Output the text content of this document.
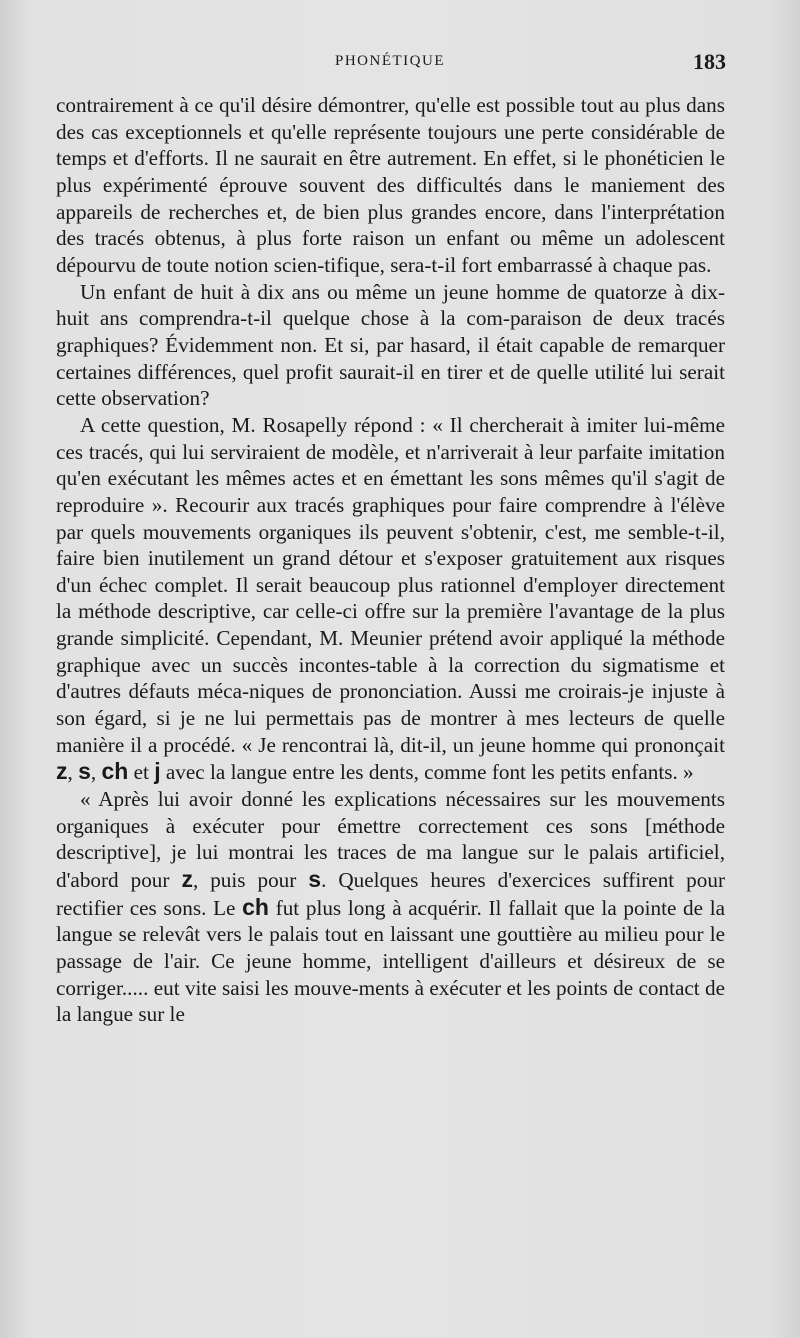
PHONÉTIQUE	183

contrairement à ce qu'il désire démontrer, qu'elle est possible tout au plus dans des cas exceptionnels et qu'elle représente toujours une perte considérable de temps et d'efforts. Il ne saurait en être autrement. En effet, si le phonéticien le plus expérimenté éprouve souvent des difficultés dans le maniement des appareils de recherches et, de bien plus grandes encore, dans l'interprétation des tracés obtenus, à plus forte raison un enfant ou même un adolescent dépourvu de toute notion scien-tifique, sera-t-il fort embarrassé à chaque pas.

Un enfant de huit à dix ans ou même un jeune homme de quatorze à dix-huit ans comprendra-t-il quelque chose à la com-paraison de deux tracés graphiques? Évidemment non. Et si, par hasard, il était capable de remarquer certaines différences, quel profit saurait-il en tirer et de quelle utilité lui serait cette observation?

A cette question, M. Rosapelly répond : « Il chercherait à imiter lui-même ces tracés, qui lui serviraient de modèle, et n'arriverait à leur parfaite imitation qu'en exécutant les mêmes actes et en émettant les sons mêmes qu'il s'agit de reproduire ». Recourir aux tracés graphiques pour faire comprendre à l'élève par quels mouvements organiques ils peuvent s'obtenir, c'est, me semble-t-il, faire bien inutilement un grand détour et s'exposer gratuitement aux risques d'un échec complet. Il serait beaucoup plus rationnel d'employer directement la méthode descriptive, car celle-ci offre sur la première l'avantage de la plus grande simplicité. Cependant, M. Meunier prétend avoir appliqué la méthode graphique avec un succès incontes-table à la correction du sigmatisme et d'autres défauts méca-niques de prononciation. Aussi me croirais-je injuste à son égard, si je ne lui permettais pas de montrer à mes lecteurs de quelle manière il a procédé. « Je rencontrai là, dit-il, un jeune homme qui prononçait z, s, ch et j avec la langue entre les dents, comme font les petits enfants. »

« Après lui avoir donné les explications nécessaires sur les mouvements organiques à exécuter pour émettre correctement ces sons [méthode descriptive], je lui montrai les traces de ma langue sur le palais artificiel, d'abord pour z, puis pour s. Quelques heures d'exercices suffirent pour rectifier ces sons. Le ch fut plus long à acquérir. Il fallait que la pointe de la langue se relevât vers le palais tout en laissant une gouttière au milieu pour le passage de l'air. Ce jeune homme, intelligent d'ailleurs et désireux de se corriger..... eut vite saisi les mouve-ments à exécuter et les points de contact de la langue sur le
